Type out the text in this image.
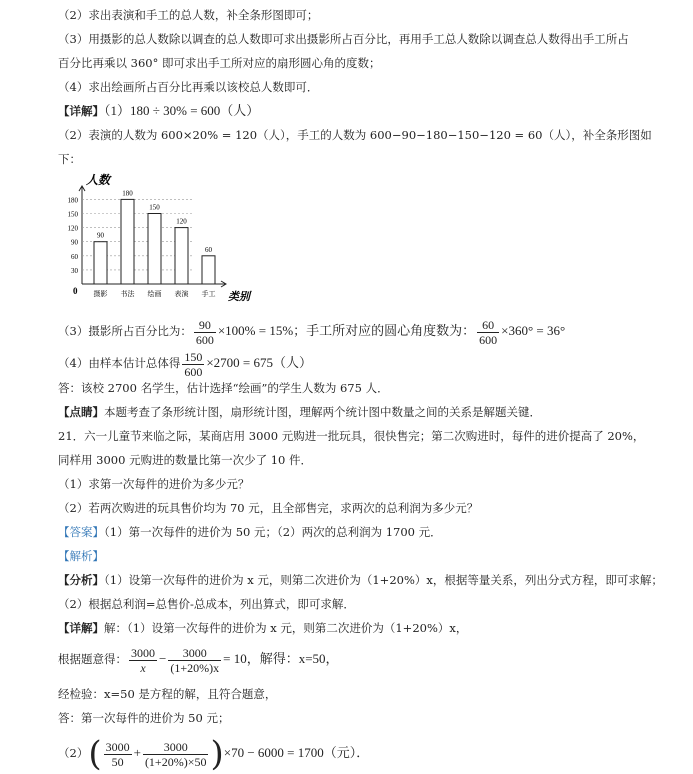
（2）求出表演和手工的总人数，补全条形图即可；
（3）用摄影的总人数除以调查的总人数即可求出摄影所占百分比，再用手工总人数除以调查总人数得出手工所占
百分比再乘以 360° 即可求出手工所对应的扇形圆心角的度数；
（4）求出绘画所占百分比再乘以该校总人数即可．
【详解】（1）180 ÷ 30% = 600（人）
（2）表演的人数为 600×20% = 120（人），手工的人数为 600−90−180−150−120 = 60（人），补全条形图如
下：
人数
类别
0
180
150
120
90
60
30
90
摄影
180
书法
150
绘画
120
表演
60
手工
（3）摄影所占百分比为： $\frac{90}{600} \times 100\% = 15\%$；手工所对应的圆心角度数为： $\frac{60}{600} \times 360^\circ = 36^\circ$
（4）由样本估计总体得 $\frac{150}{600} \times 2700 = 675$（人）
答：该校 2700 名学生，估计选择“绘画”的学生人数为 675 人．
【点睛】本题考查了条形统计图，扇形统计图，理解两个统计图中数量之间的关系是解题关键．
21．六一儿童节来临之际，某商店用 3000 元购进一批玩具，很快售完；第二次购进时，每件的进价提高了 20%，
同样用 3000 元购进的数量比第一次少了 10 件．
（1）求第一次每件的进价为多少元？
（2）若两次购进的玩具售价均为 70 元，且全部售完，求两次的总利润为多少元？
【答案】（1）第一次每件的进价为 50 元；（2）两次的总利润为 1700 元．
【解析】
【分析】（1）设第一次每件的进价为 x 元，则第二次进价为（1+20%）x，根据等量关系，列出分式方程，即可求解；
（2）根据总利润=总售价-总成本，列出算式，即可求解．
【详解】解：（1）设第一次每件的进价为 x 元，则第二次进价为（1+20%）x，
根据题意得： $\frac{3000}{x} - \frac{3000}{(1+20\%)x} = 10$，解得：x=50，
经检验：x=50 是方程的解，且符合题意，
答：第一次每件的进价为 50 元；
$(2)( \frac{3000}{50} + \frac{3000}{(1+20\%)\times 50} )\times 70 - 6000 = 1700$（元）．
